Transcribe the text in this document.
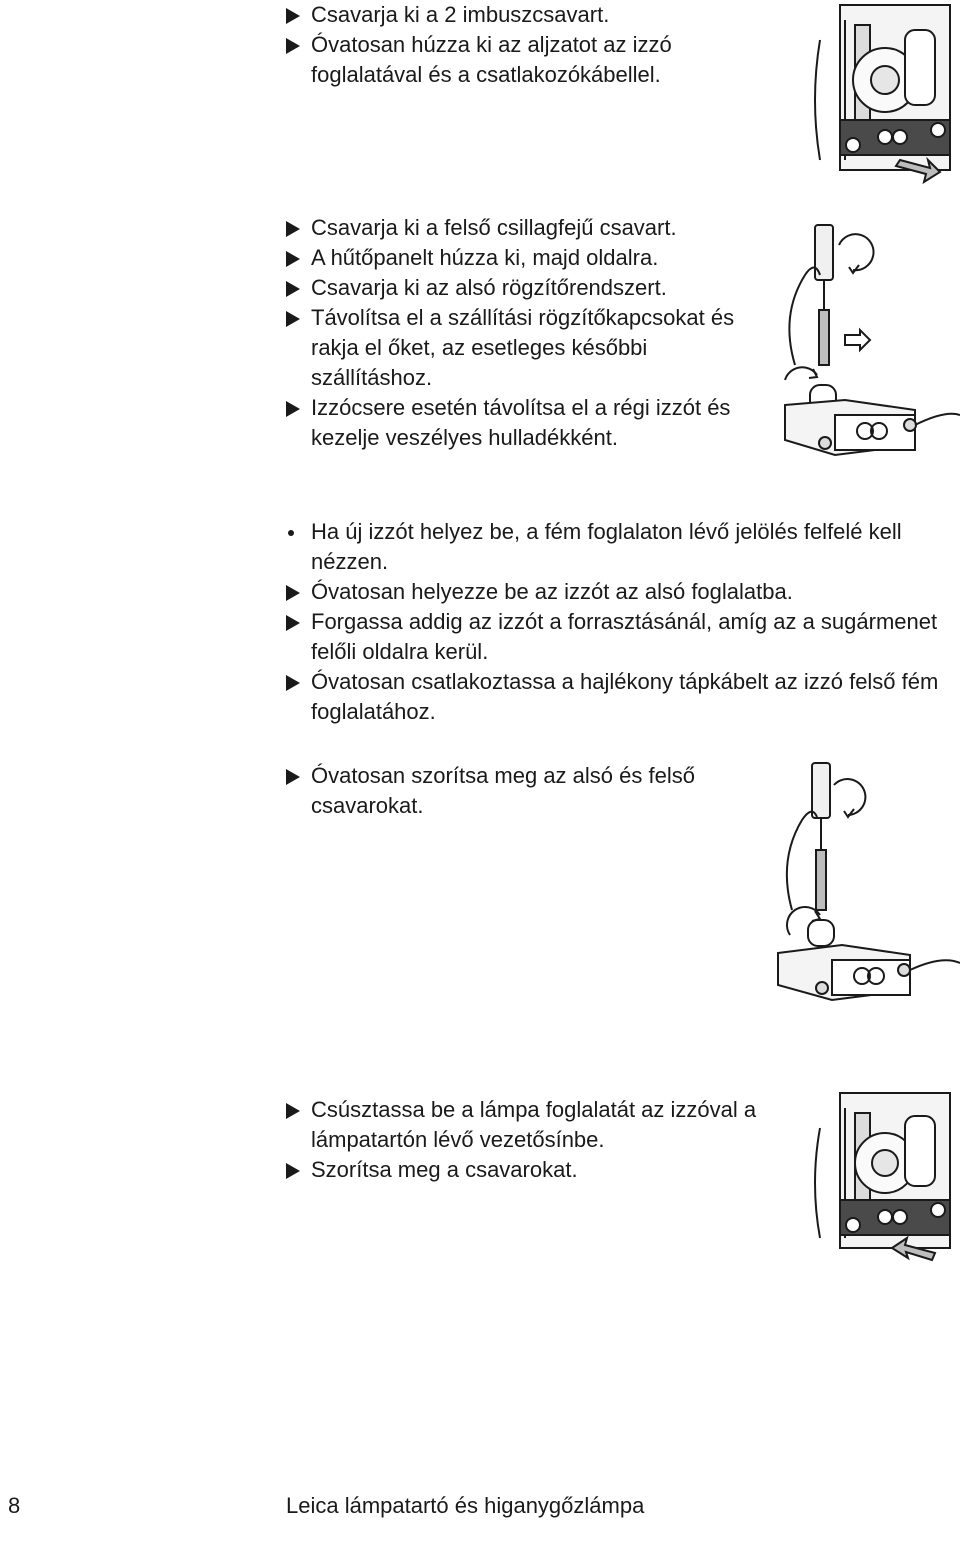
Csavarja ki a 2 imbuszcsavart.
Óvatosan húzza ki az aljzatot az izzó foglalatával és a csatlakozókábellel.
Csavarja ki a felső csillagfejű csavart.
A hűtőpanelt húzza ki, majd oldalra.
Csavarja ki az alsó rögzítőrendszert.
Távolítsa el a szállítási rögzítőkapcsokat és rakja el őket, az esetleges későbbi szállításhoz.
Izzócsere esetén távolítsa el a régi izzót és kezelje veszélyes hulladékként.
Ha új izzót helyez be, a fém foglalaton lévő jelölés felfelé kell nézzen.
Óvatosan helyezze be az izzót az alsó foglalatba.
Forgassa addig az izzót a forrasztásánál, amíg az a sugármenet felőli oldalra kerül.
Óvatosan csatlakoztassa a hajlékony tápkábelt az izzó felső fém foglalatához.
Óvatosan szorítsa meg az alsó és felső csavarokat.
Csúsztassa be a lámpa foglalatát az izzóval a lámpatartón lévő vezetősínbe.
Szorítsa meg a csavarokat.
8	Leica lámpatartó és higanygőzlámpa
